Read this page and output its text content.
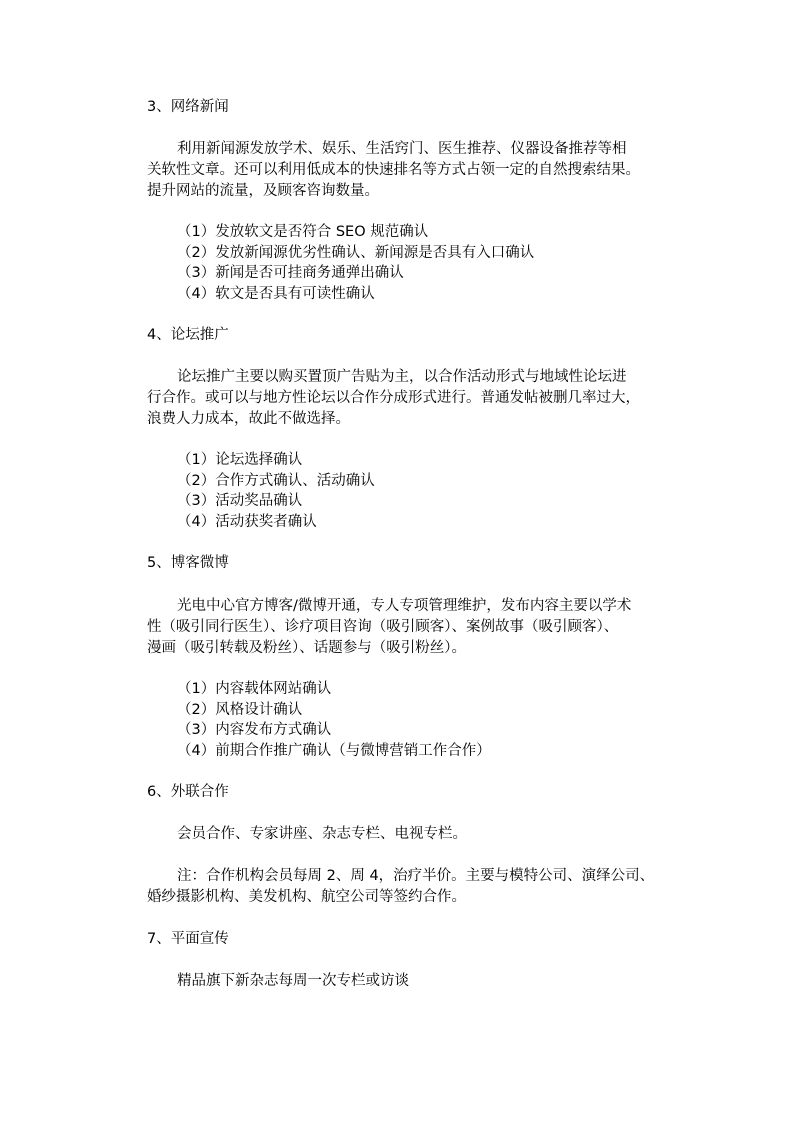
3、网络新闻
利用新闻源发放学术、娱乐、生活窍门、医生推荐、仪器设备推荐等相
关软性文章。还可以利用低成本的快速排名等方式占领一定的自然搜索结果。
提升网站的流量，及顾客咨询数量。
（1）发放软文是否符合 SEO 规范确认
（2）发放新闻源优劣性确认、新闻源是否具有入口确认
（3）新闻是否可挂商务通弹出确认
（4）软文是否具有可读性确认
4、论坛推广
论坛推广主要以购买置顶广告贴为主，以合作活动形式与地域性论坛进
行合作。或可以与地方性论坛以合作分成形式进行。普通发帖被删几率过大，
浪费人力成本，故此不做选择。
（1）论坛选择确认
（2）合作方式确认、活动确认
（3）活动奖品确认
（4）活动获奖者确认
5、博客微博
光电中心官方博客/微博开通，专人专项管理维护，发布内容主要以学术
性（吸引同行医生）、诊疗项目咨询（吸引顾客）、案例故事（吸引顾客）、
漫画（吸引转载及粉丝）、话题参与（吸引粉丝）。
（1）内容载体网站确认
（2）风格设计确认
（3）内容发布方式确认
（4）前期合作推广确认（与微博营销工作合作）
6、外联合作
会员合作、专家讲座、杂志专栏、电视专栏。
注：合作机构会员每周 2、周 4，治疗半价。主要与模特公司、演绎公司、
婚纱摄影机构、美发机构、航空公司等签约合作。
7、平面宣传
精品旗下新杂志每周一次专栏或访谈
